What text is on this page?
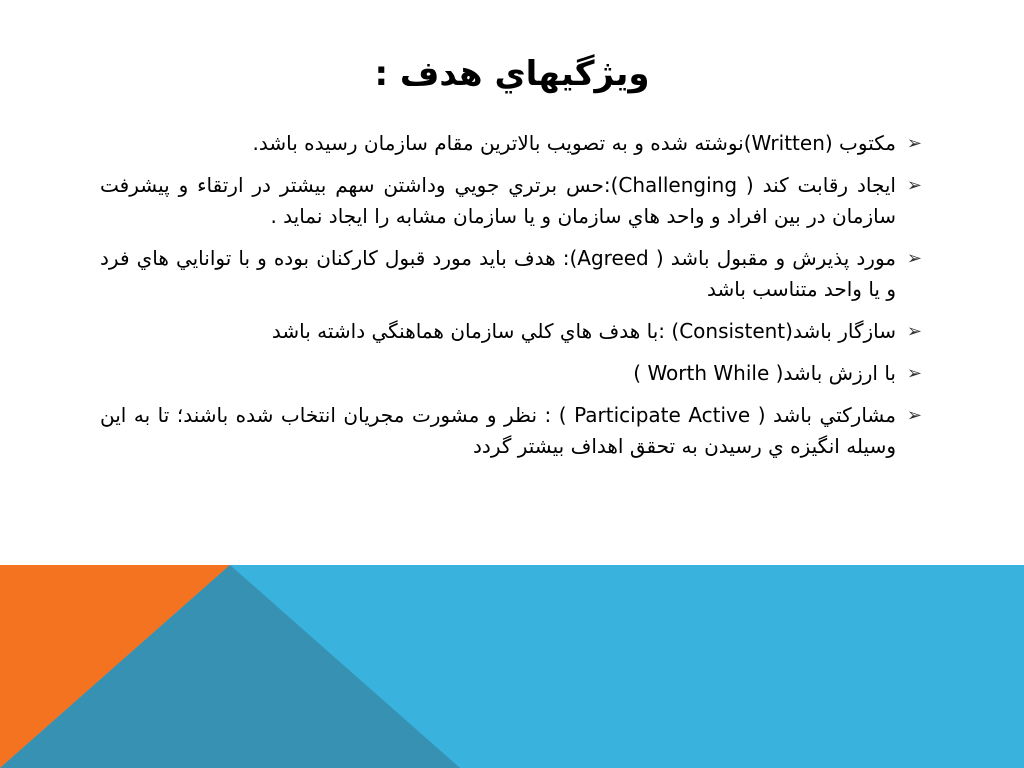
ويژگيهاي هدف :
➢
مکتوب (Written)نوشته شده و به تصويب بالاترين مقام سازمان رسيده باشد.
➢
ايجاد رقابت کند ( Challenging):حس برتري جويي وداشتن سهم بيشتر در ارتقاء و پيشرفت سازمان در بين افراد و واحد هاي سازمان و يا سازمان مشابه را ايجاد نمايد .
➢
مورد پذيرش و مقبول باشد ( Agreed): هدف بايد مورد قبول کارکنان بوده و با توانايي هاي فرد و يا واحد متناسب باشد
➢
سازگار باشد(Consistent) :با هدف هاي کلي سازمان هماهنگي داشته باشد
➢
با ارزش باشد( Worth While )
➢
مشارکتي باشد ( Participate Active ) : نظر و مشورت مجريان انتخاب شده باشند؛ تا به اين وسيله انگيزه ي رسيدن به تحقق اهداف بيشتر گردد
